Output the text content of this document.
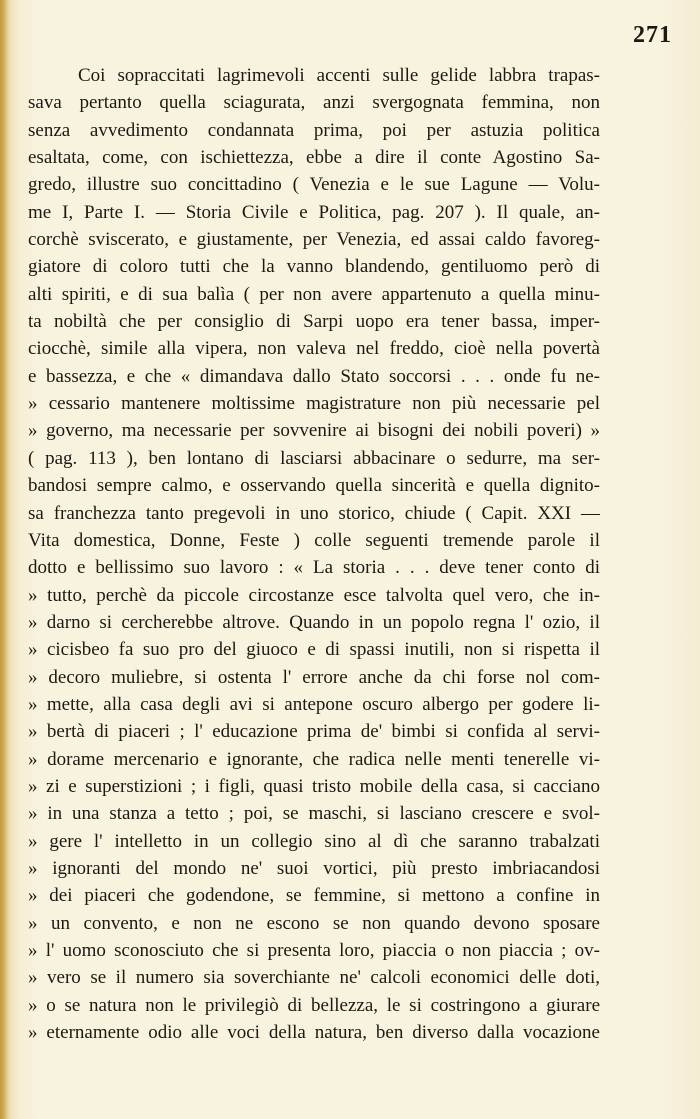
271
Coi sopraccitati lagrimevoli accenti sulle gelide labbra trapas-
sava pertanto quella sciagurata, anzi svergognata femmina, non
senza avvedimento condannata prima, poi per astuzia politica
esaltata, come, con ischiettezza, ebbe a dire il conte Agostino Sa-
gredo, illustre suo concittadino ( Venezia e le sue Lagune — Volu-
me I, Parte I. — Storia Civile e Politica, pag. 207 ). Il quale, an-
corchè sviscerato, e giustamente, per Venezia, ed assai caldo favoreg-
giatore di coloro tutti che la vanno blandendo, gentiluomo però di
alti spiriti, e di sua balìa ( per non avere appartenuto a quella minu-
ta nobiltà che per consiglio di Sarpi uopo era tener bassa, imper-
ciocchè, simile alla vipera, non valeva nel freddo, cioè nella povertà
e bassezza, e che « dimandava dallo Stato soccorsi . . . onde fu ne-
» cessario mantenere moltissime magistrature non più necessarie pel
» governo, ma necessarie per sovvenire ai bisogni dei nobili poveri) »
( pag. 113 ), ben lontano di lasciarsi abbacinare o sedurre, ma ser-
bandosi sempre calmo, e osservando quella sincerità e quella dignito-
sa franchezza tanto pregevoli in uno storico, chiude ( Capit. XXI —
Vita domestica, Donne, Feste ) colle seguenti tremende parole il
dotto e bellissimo suo lavoro : « La storia . . . deve tener conto di
» tutto, perchè da piccole circostanze esce talvolta quel vero, che in-
» darno si cercherebbe altrove. Quando in un popolo regna l' ozio, il
» cicisbeo fa suo pro del giuoco e di spassi inutili, non si rispetta il
» decoro muliebre, si ostenta l' errore anche da chi forse nol com-
» mette, alla casa degli avi si antepone oscuro albergo per godere li-
» bertà di piaceri ; l' educazione prima de' bimbi si confida al servi-
» dorame mercenario e ignorante, che radica nelle menti tenerelle vi-
» zi e superstizioni ; i figli, quasi tristo mobile della casa, si cacciano
» in una stanza a tetto ; poi, se maschi, si lasciano crescere e svol-
» gere l' intelletto in un collegio sino al dì che saranno trabalzati
» ignoranti del mondo ne' suoi vortici, più presto imbriacandosi
» dei piaceri che godendone, se femmine, si mettono a confine in
» un convento, e non ne escono se non quando devono sposare
» l' uomo sconosciuto che si presenta loro, piaccia o non piaccia ; ov-
» vero se il numero sia soverchiante ne' calcoli economici delle doti,
» o se natura non le privilegiò di bellezza, le si costringono a giurare
» eternamente odio alle voci della natura, ben diverso dalla vocazione
